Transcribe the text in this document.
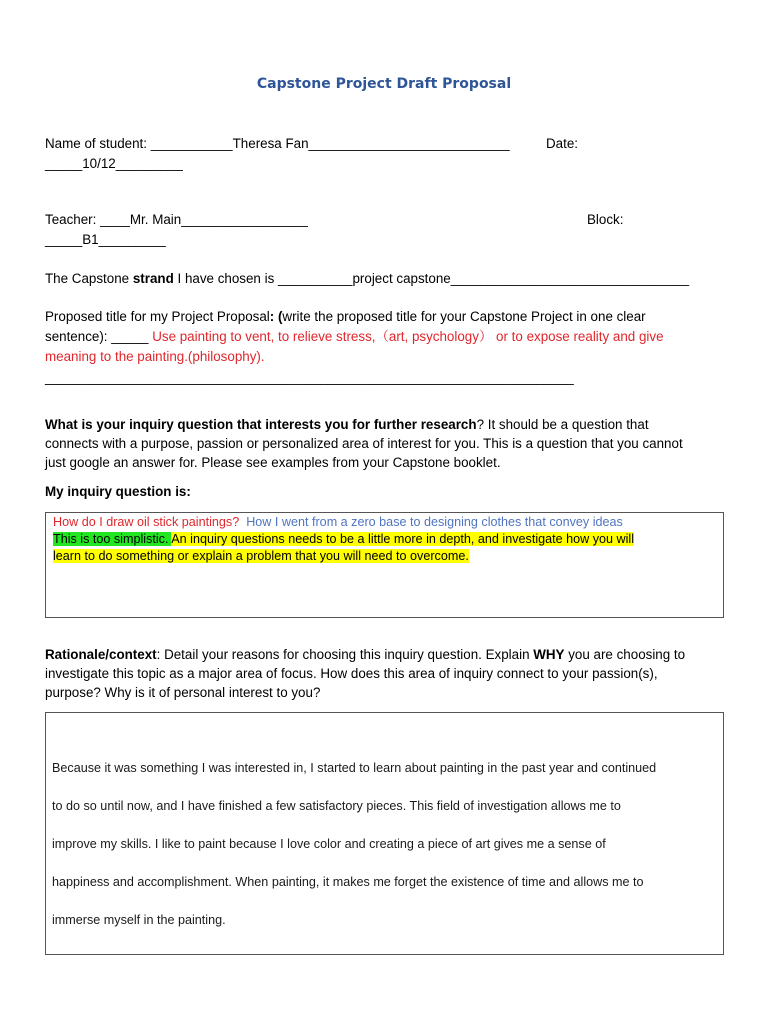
Capstone Project Draft Proposal
Name of student: ___________Theresa Fan___________________________	Date:
_____10/12_________
Teacher: ____Mr. Main_________________	Block:
_____B1_________
The Capstone strand I have chosen is __________project capstone________________________________
Proposed title for my Project Proposal: (write the proposed title for your Capstone Project in one clear
sentence): _____ Use painting to vent, to relieve stress,（art, psychology） or to expose reality and give
meaning to the painting.(philosophy).
_______________________________________________________________________
What is your inquiry question that interests you for further research? It should be a question that
connects with a purpose, passion or personalized area of interest for you. This is a question that you cannot
just google an answer for. Please see examples from your Capstone booklet.
My inquiry question is:
How do I draw oil stick paintings? How I went from a zero base to designing clothes that convey ideas
This is too simplistic. An inquiry questions needs to be a little more in depth, and investigate how you will
learn to do something or explain a problem that you will need to overcome.
Rationale/context: Detail your reasons for choosing this inquiry question. Explain WHY you are choosing to
investigate this topic as a major area of focus. How does this area of inquiry connect to your passion(s),
purpose? Why is it of personal interest to you?
Because it was something I was interested in, I started to learn about painting in the past year and continued
to do so until now, and I have finished a few satisfactory pieces. This field of investigation allows me to
improve my skills. I like to paint because I love color and creating a piece of art gives me a sense of
happiness and accomplishment. When painting, it makes me forget the existence of time and allows me to
immerse myself in the painting.
